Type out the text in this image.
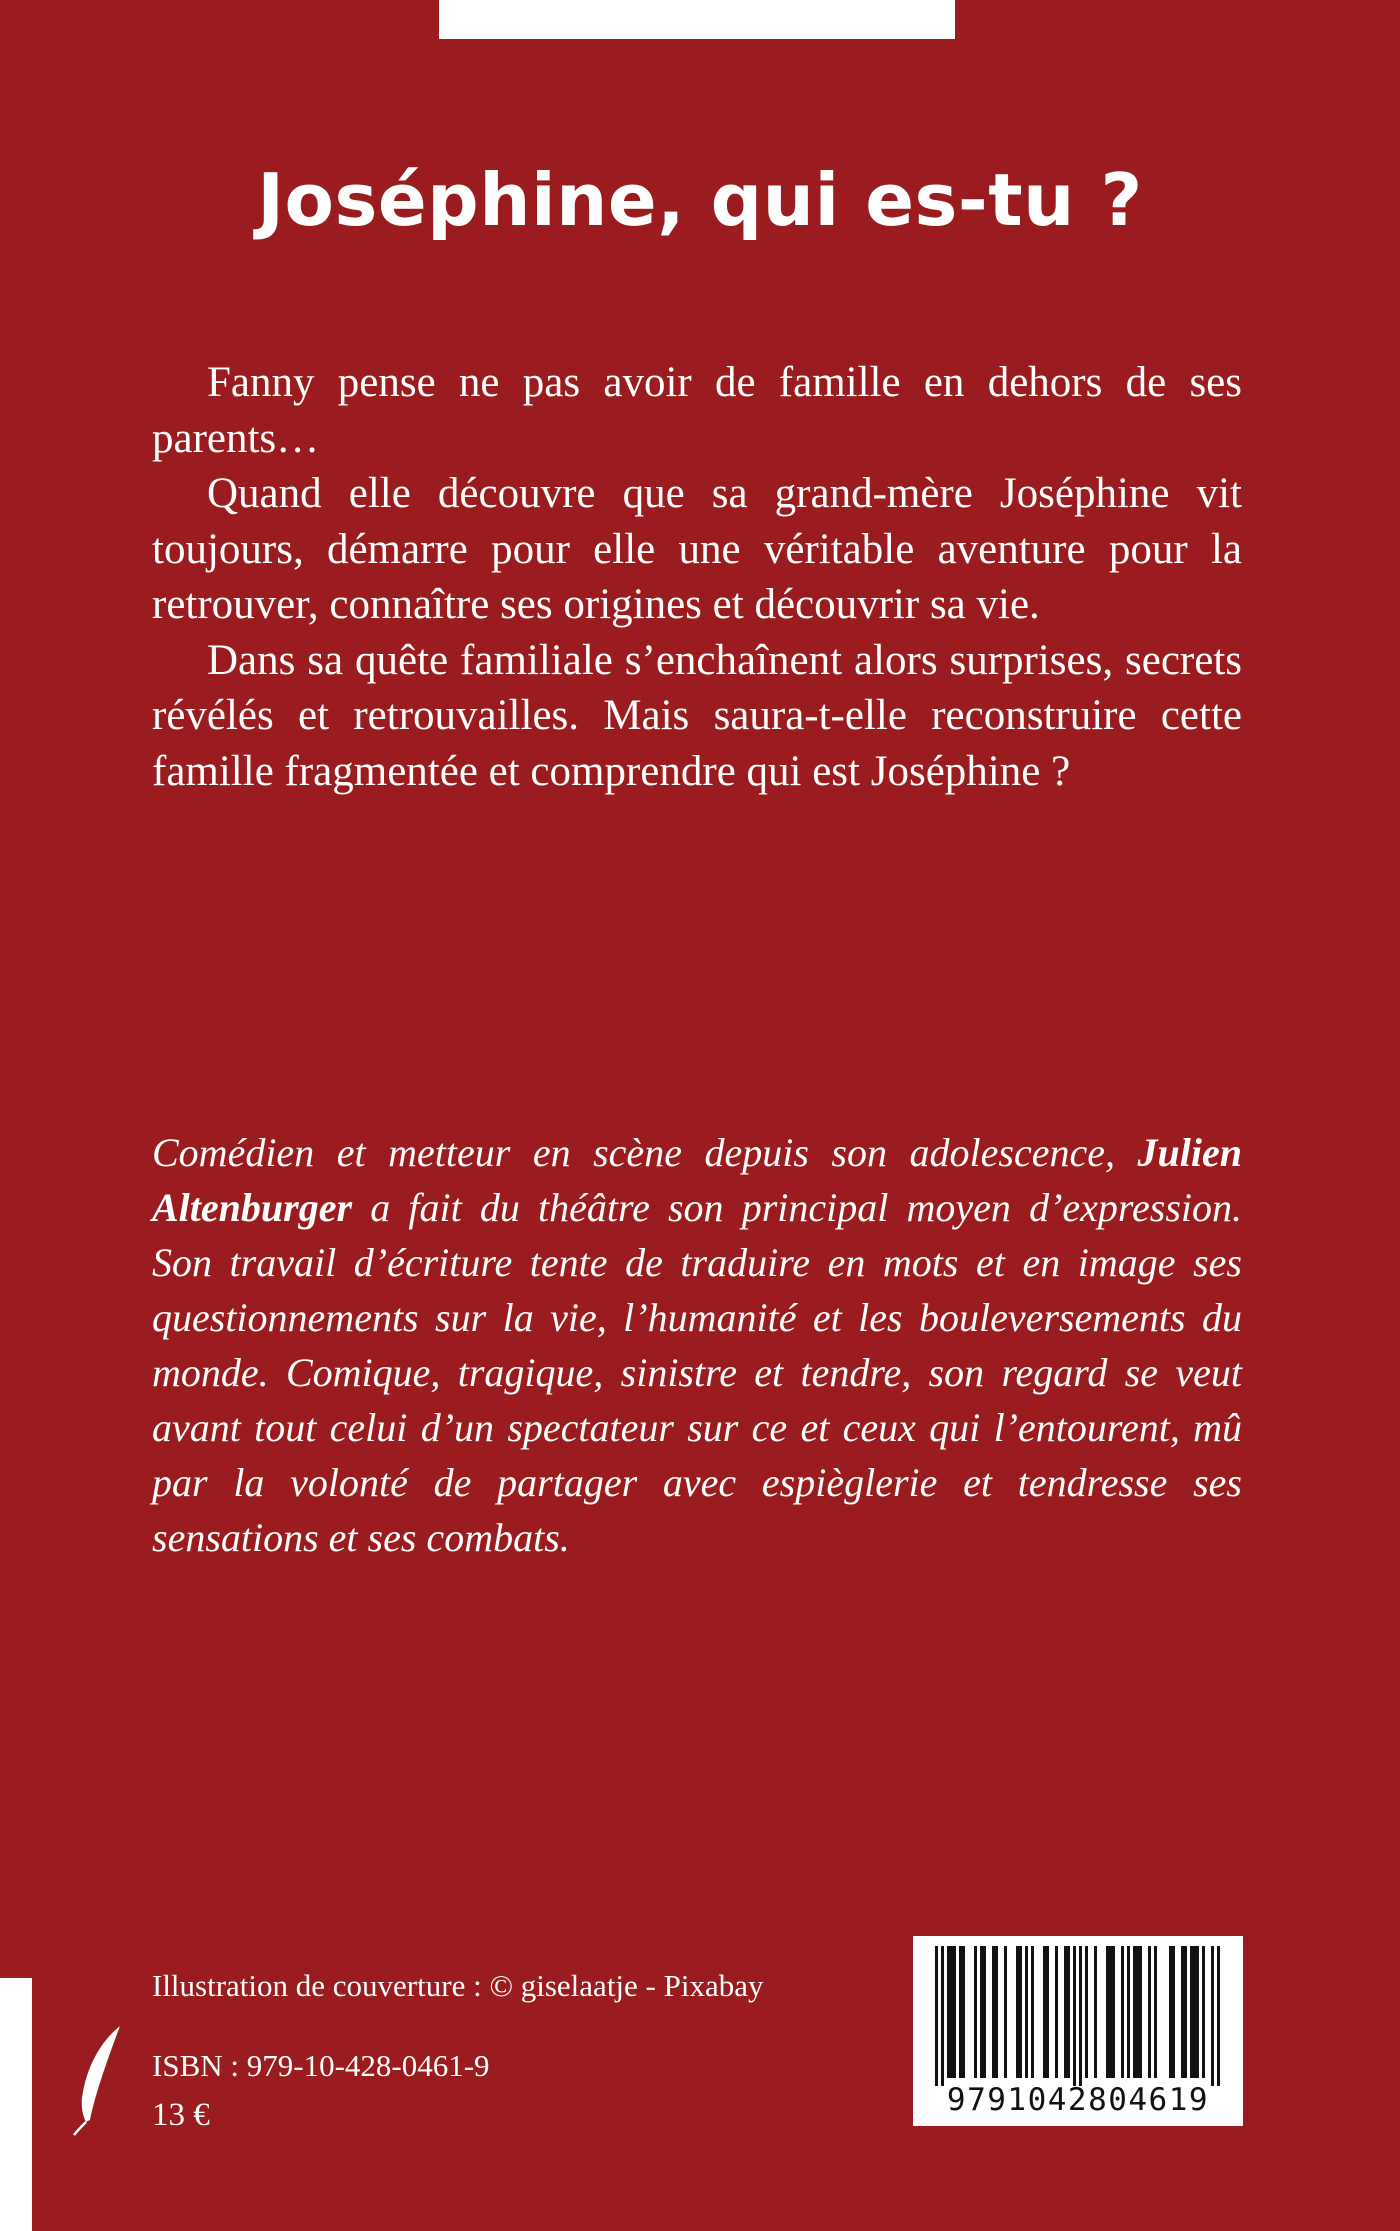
Joséphine, qui es-tu ?

Fanny pense ne pas avoir de famille en dehors de ses parents…

Quand elle découvre que sa grand-mère Joséphine vit toujours, démarre pour elle une véritable aventure pour la retrouver, connaître ses origines et découvrir sa vie.

Dans sa quête familiale s’enchaînent alors surprises, secrets révélés et retrouvailles. Mais saura-t-elle reconstruire cette famille fragmentée et comprendre qui est Joséphine ?

Comédien et metteur en scène depuis son adolescence, Julien Altenburger a fait du théâtre son principal moyen d’expression. Son travail d’écriture tente de traduire en mots et en image ses questionnements sur la vie, l’humanité et les bouleversements du monde. Comique, tragique, sinistre et tendre, son regard se veut avant tout celui d’un spectateur sur ce et ceux qui l’entourent, mû par la volonté de partager avec espièglerie et tendresse ses sensations et ses combats.

Illustration de couverture : © giselaatje - Pixabay
ISBN : 979-10-428-0461-9
13 €	9791042804619
